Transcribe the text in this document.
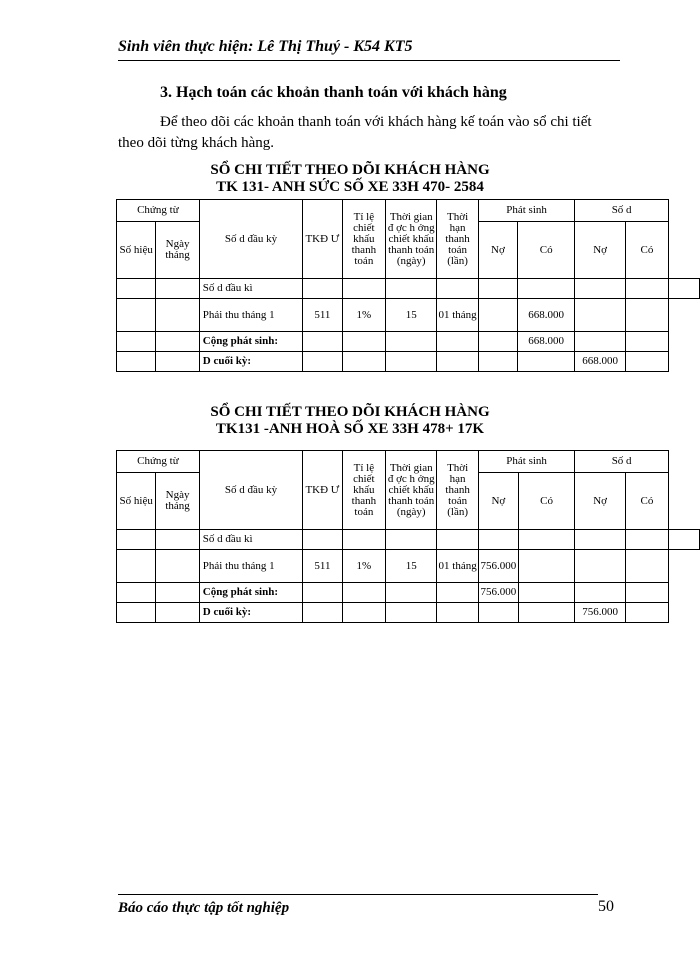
Sinh viên thực hiện: Lê Thị Thuý - K54 KT5
3. Hạch toán các khoản thanh toán với khách hàng
Để theo dõi các khoản thanh toán với khách hàng kế toán vào sổ chi tiết theo dõi từng khách hàng.
SỔ CHI TIẾT THEO DÕI KHÁCH HÀNG
TK 131- ANH SỨC SỐ XE 33H 470- 2584
Chứng từ		Số d đầu kỳ	TKĐ Ư	Tỉ lệ chiết khấu thanh toán	Thời gian đ ợc h ởng chiết khấu thanh toán (ngày)	Thời hạn thanh toán (lần)	Phát sinh		Số d		
Số hiệu	Ngày tháng						Nợ	Có	Nợ	Có	
		Số d đầu kì									
		Phải thu tháng 1	511	1%	15	01 tháng		668.000			
		Cộng phát sinh:						668.000			
		D cuối kỳ:							668.000		
SỔ CHI TIẾT THEO DÕI KHÁCH HÀNG
TK131 -ANH HOÀ SỐ XE 33H 478+ 17K
Chứng từ		Số d đầu kỳ	TKĐ Ư	Tỉ lệ chiết khấu thanh toán	Thời gian đ ợc h ởng chiết khấu thanh toán (ngày)	Thời hạn thanh toán (lần)	Phát sinh		Số d		
Số hiệu	Ngày tháng						Nợ	Có	Nợ	Có	
		Số d đầu kì									
		Phải thu tháng 1	511	1%	15	01 tháng	756.000				
		Cộng phát sinh:					756.000				
		D cuối kỳ:							756.000		
Báo cáo thực tập tốt nghiệp	50
